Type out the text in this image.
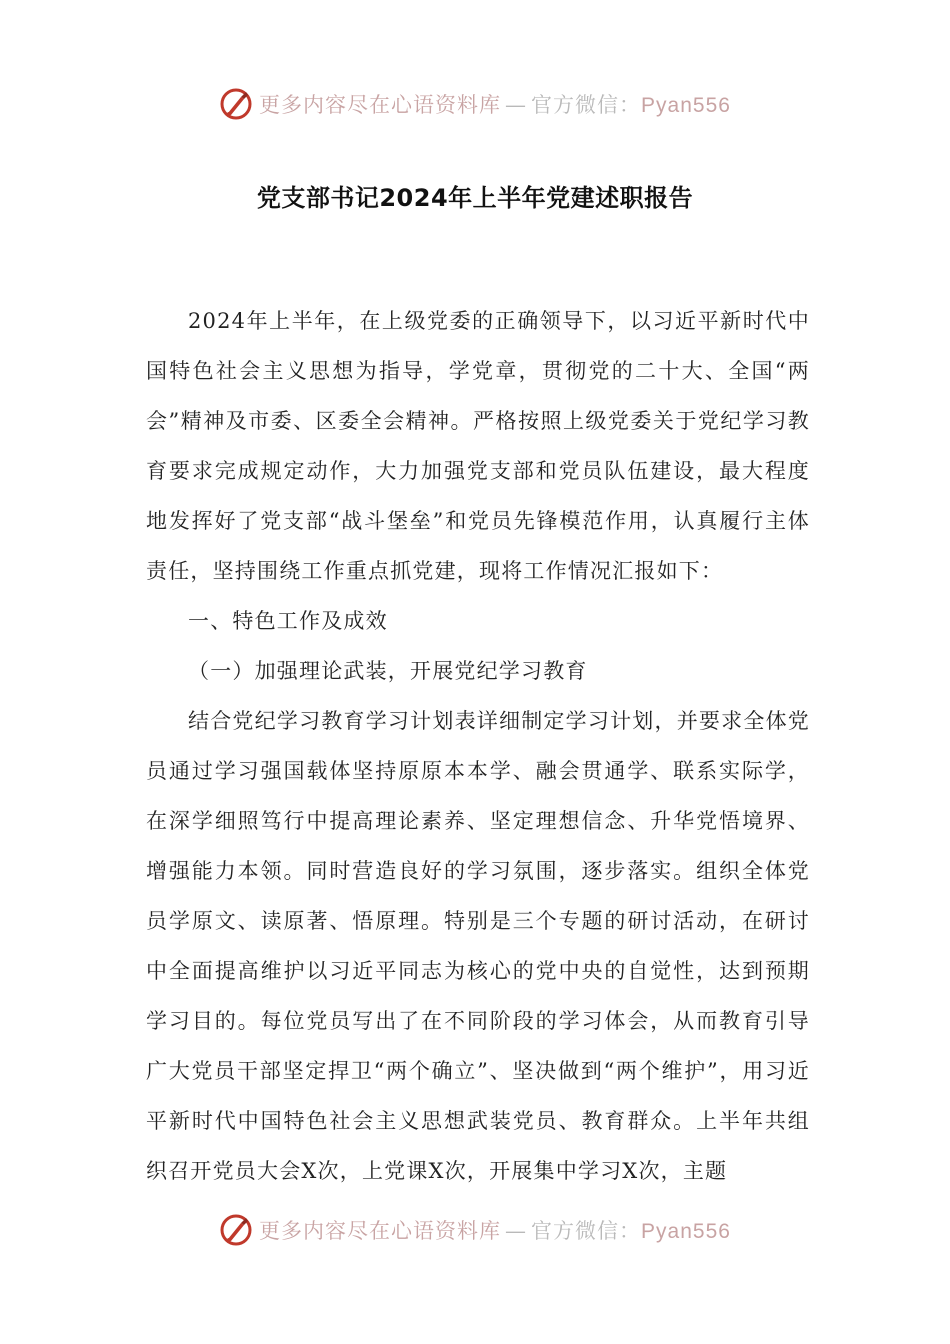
更多内容尽在心语资料库 — 官方微信：Pyan556
党支部书记2024年上半年党建述职报告

2024年上半年，在上级党委的正确领导下，以习近平新时代中国特色社会主义思想为指导，学党章，贯彻党的二十大、全国“两会”精神及市委、区委全会精神。严格按照上级党委关于党纪学习教育要求完成规定动作，大力加强党支部和党员队伍建设，最大程度地发挥好了党支部“战斗堡垒”和党员先锋模范作用，认真履行主体责任，坚持围绕工作重点抓党建，现将工作情况汇报如下：

一、特色工作及成效

（一）加强理论武装，开展党纪学习教育

结合党纪学习教育学习计划表详细制定学习计划，并要求全体党员通过学习强国载体坚持原原本本学、融会贯通学、联系实际学，在深学细照笃行中提高理论素养、坚定理想信念、升华党悟境界、增强能力本领。同时营造良好的学习氛围，逐步落实。组织全体党员学原文、读原著、悟原理。特别是三个专题的研讨活动，在研讨中全面提高维护以习近平同志为核心的党中央的自觉性，达到预期学习目的。每位党员写出了在不同阶段的学习体会，从而教育引导广大党员干部坚定捍卫“两个确立”、坚决做到“两个维护”，用习近平新时代中国特色社会主义思想武装党员、教育群众。上半年共组织召开党员大会X次，上党课X次，开展集中学习X次，主题

更多内容尽在心语资料库 — 官方微信：Pyan556
